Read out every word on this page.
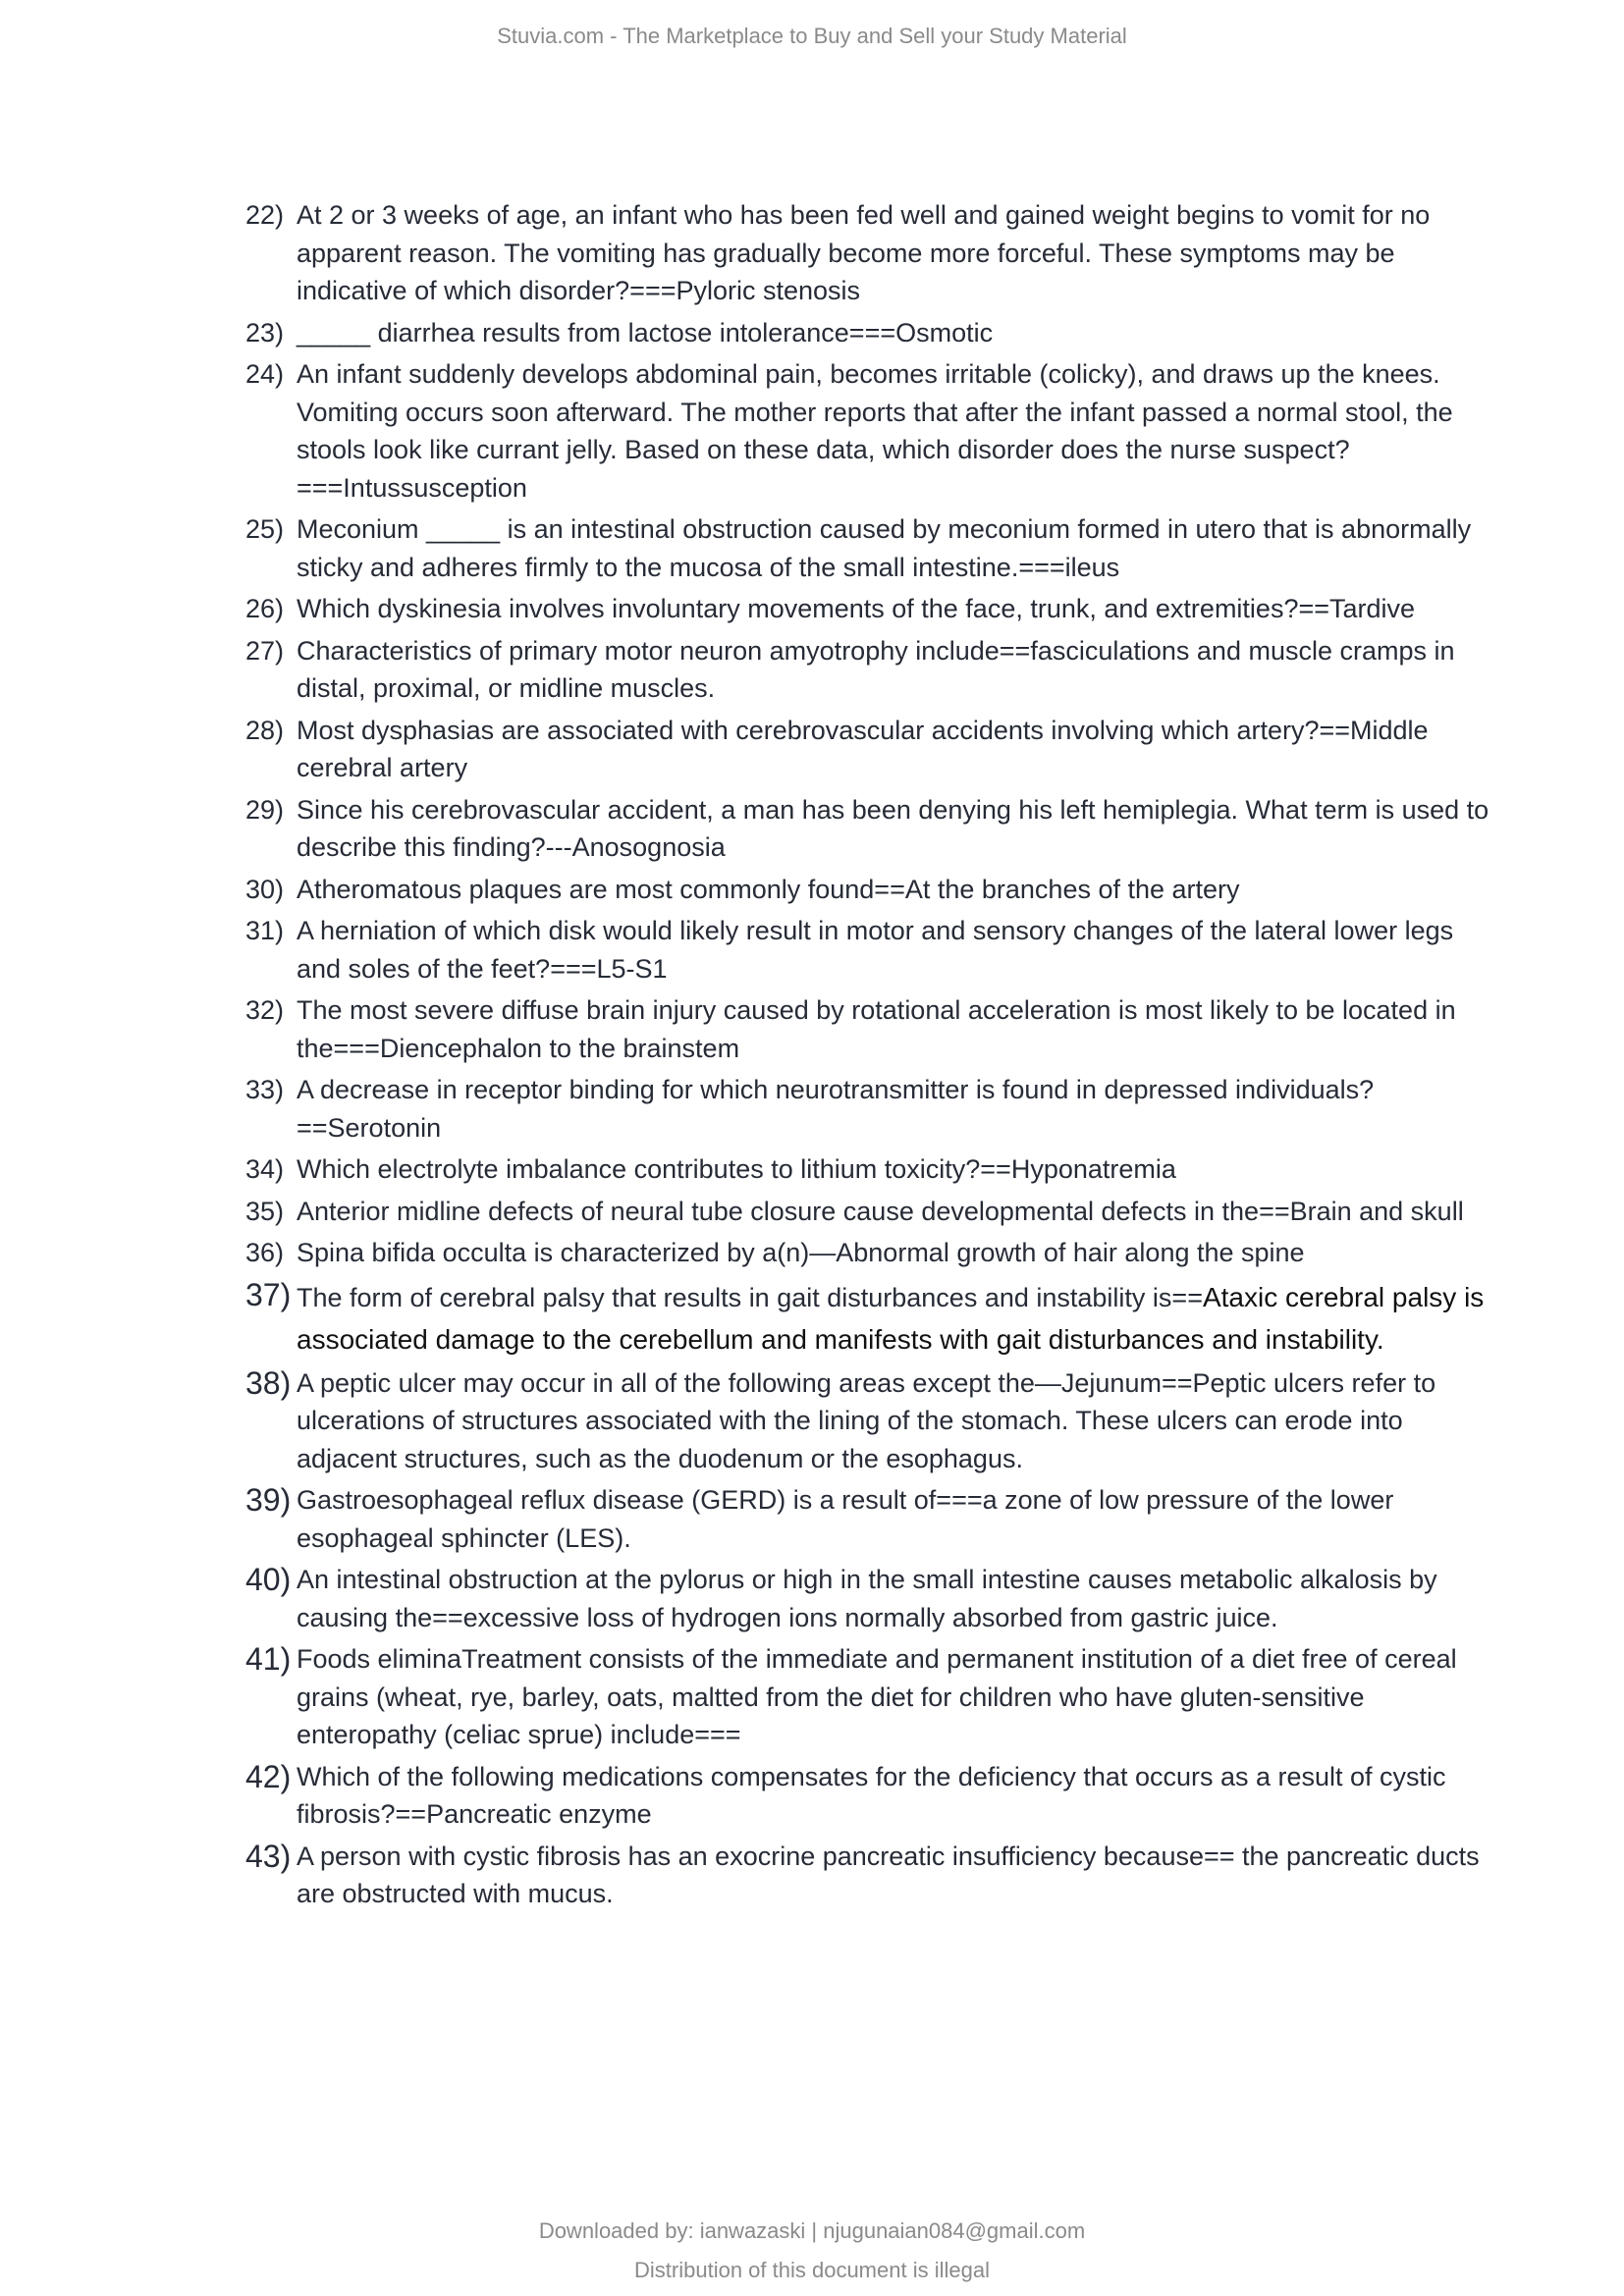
Stuvia.com - The Marketplace to Buy and Sell your Study Material
22) At 2 or 3 weeks of age, an infant who has been fed well and gained weight begins to vomit for no apparent reason. The vomiting has gradually become more forceful. These symptoms may be indicative of which disorder?===Pyloric stenosis
23) _____ diarrhea results from lactose intolerance===Osmotic
24) An infant suddenly develops abdominal pain, becomes irritable (colicky), and draws up the knees. Vomiting occurs soon afterward. The mother reports that after the infant passed a normal stool, the stools look like currant jelly. Based on these data, which disorder does the nurse suspect? ===Intussusception
25) Meconium _____ is an intestinal obstruction caused by meconium formed in utero that is abnormally sticky and adheres firmly to the mucosa of the small intestine.===ileus
26) Which dyskinesia involves involuntary movements of the face, trunk, and extremities?==Tardive
27) Characteristics of primary motor neuron amyotrophy include==fasciculations and muscle cramps in distal, proximal, or midline muscles.
28) Most dysphasias are associated with cerebrovascular accidents involving which artery?==Middle cerebral artery
29) Since his cerebrovascular accident, a man has been denying his left hemiplegia. What term is used to describe this finding?---Anosognosia
30) Atheromatous plaques are most commonly found==At the branches of the artery
31) A herniation of which disk would likely result in motor and sensory changes of the lateral lower legs and soles of the feet?===L5-S1
32) The most severe diffuse brain injury caused by rotational acceleration is most likely to be located in the===Diencephalon to the brainstem
33) A decrease in receptor binding for which neurotransmitter is found in depressed individuals? ==Serotonin
34) Which electrolyte imbalance contributes to lithium toxicity?==Hyponatremia
35) Anterior midline defects of neural tube closure cause developmental defects in the==Brain and skull
36) Spina bifida occulta is characterized by a(n)—Abnormal growth of hair along the spine
37) The form of cerebral palsy that results in gait disturbances and instability is==Ataxic cerebral palsy is associated damage to the cerebellum and manifests with gait disturbances and instability.
38) A peptic ulcer may occur in all of the following areas except the—Jejunum==Peptic ulcers refer to ulcerations of structures associated with the lining of the stomach. These ulcers can erode into adjacent structures, such as the duodenum or the esophagus.
39) Gastroesophageal reflux disease (GERD) is a result of===a zone of low pressure of the lower esophageal sphincter (LES).
40) An intestinal obstruction at the pylorus or high in the small intestine causes metabolic alkalosis by causing the==excessive loss of hydrogen ions normally absorbed from gastric juice.
41) Foods eliminaTreatment consists of the immediate and permanent institution of a diet free of cereal grains (wheat, rye, barley, oats, maltted from the diet for children who have gluten-sensitive enteropathy (celiac sprue) include===
42) Which of the following medications compensates for the deficiency that occurs as a result of cystic fibrosis?==Pancreatic enzyme
43) A person with cystic fibrosis has an exocrine pancreatic insufficiency because== the pancreatic ducts are obstructed with mucus.
Downloaded by: ianwazaski | njugunaian084@gmail.com
Distribution of this document is illegal
